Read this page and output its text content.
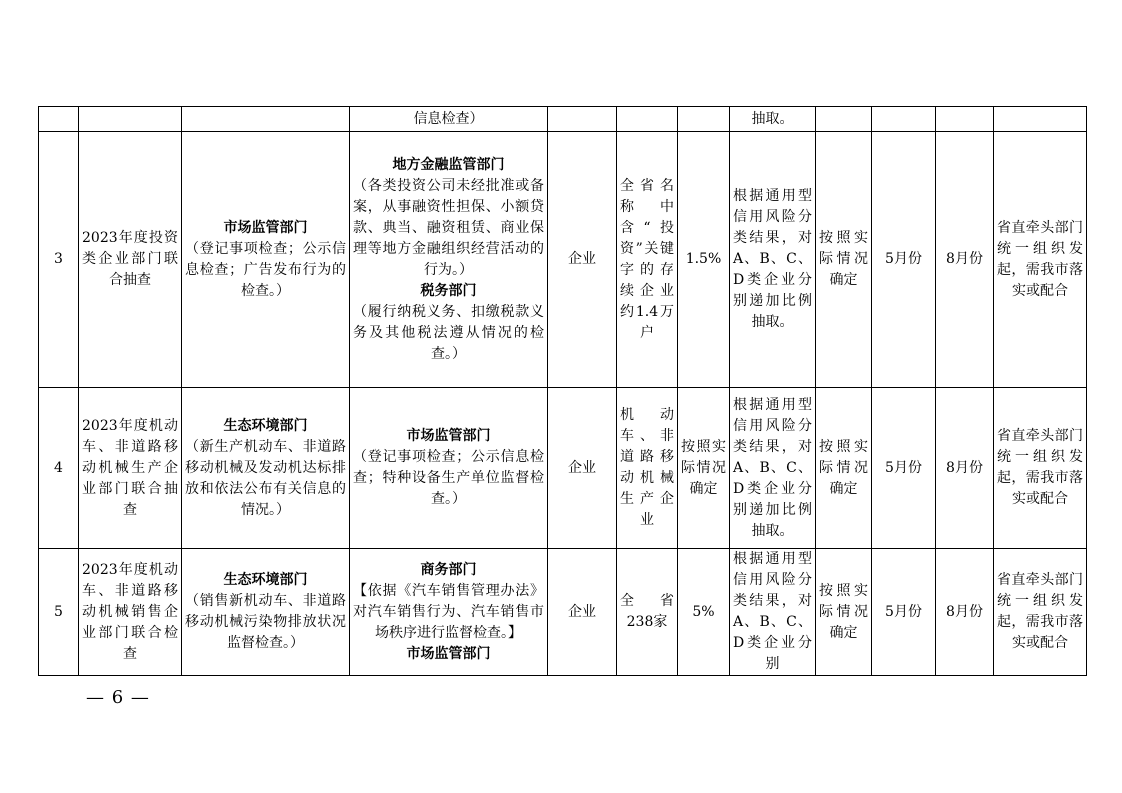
			信息检查）				抽取。				
3	2023年度投资类企业部门联合抽查	市场监管部门
（登记事项检查；公示信息检查；广告发布行为的检查。）	地方金融监管部门
（各类投资公司未经批准或备案，从事融资性担保、小额贷款、典当、融资租赁、商业保理等地方金融组织经营活动的行为。）
税务部门
（履行纳税义务、扣缴税款义务及其他税法遵从情况的检查。）	企业	全省名称中含“投资”关键字的存续企业约1.4万户	1.5%	根据通用型信用风险分类结果，对A、B、C、D类企业分别递加比例抽取。	按照实际情况确定	5月份	8月份	省直牵头部门统一组织发起，需我市落实或配合

4	2023年度机动车、非道路移动机械生产企业部门联合抽查	生态环境部门
（新生产机动车、非道路移动机械及发动机达标排放和依法公布有关信息的情况。）	市场监管部门
（登记事项检查；公示信息检查；特种设备生产单位监督检查。）	企业	机动车、非道路移动机械生产企业	按照实际情况确定	根据通用型信用风险分类结果，对A、B、C、D类企业分别递加比例抽取。	按照实际情况确定	5月份	8月份	省直牵头部门统一组织发起，需我市落实或配合

5	2023年度机动车、非道路移动机械销售企业部门联合检查	生态环境部门
（销售新机动车、非道路移动机械污染物排放状况监督检查。）	商务部门
【依据《汽车销售管理办法》对汽车销售行为、汽车销售市场秩序进行监督检查。】
市场监管部门	企业	全省238家	5%	根据通用型信用风险分类结果，对A、B、C、D类企业分别	按照实际情况确定	5月份	8月份	省直牵头部门统一组织发起，需我市落实或配合
— 6 —
